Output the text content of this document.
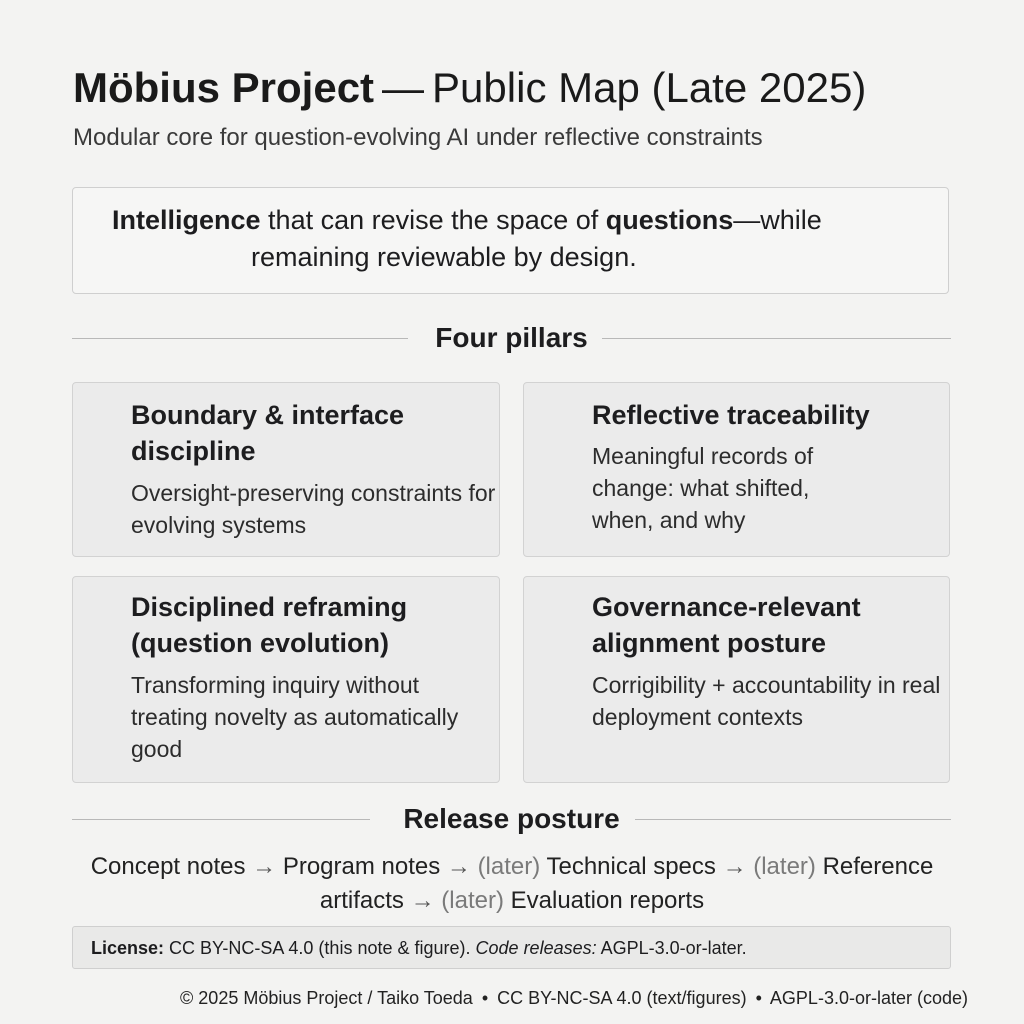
Möbius Project — Public Map (Late 2025)
Modular core for question-evolving AI under reflective constraints
Intelligence that can revise the space of questions—while
remaining reviewable by design.
Four pillars
Boundary & interface discipline
Oversight-preserving constraints for evolving systems
Reflective traceability
Meaningful records of change: what shifted, when, and why
Disciplined reframing (question evolution)
Transforming inquiry without treating novelty as automatically good
Governance-relevant alignment posture
Corrigibility + accountability in real deployment contexts
Release posture
Concept notes → Program notes → (later) Technical specs → (later) Reference artifacts → (later) Evaluation reports
License: CC BY-NC-SA 4.0 (this note & figure). Code releases: AGPL-3.0-or-later.
© 2025 Möbius Project / Taiko Toeda • CC BY-NC-SA 4.0 (text/figures) • AGPL-3.0-or-later (code)
